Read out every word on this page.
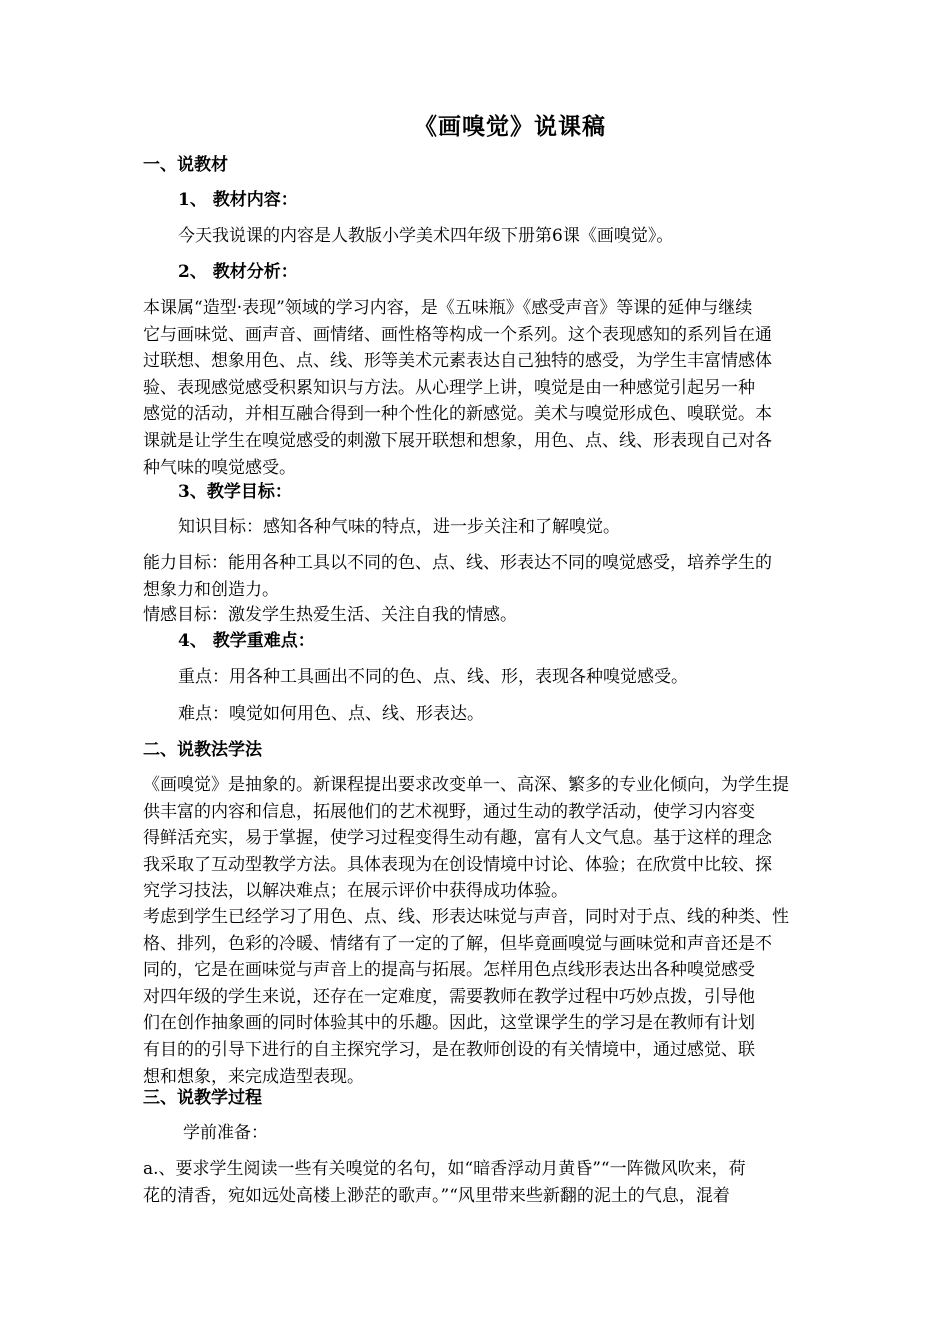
《画嗅觉》说课稿
一、说教材
1、 教材内容：
今天我说课的内容是人教版小学美术四年级下册第6课《画嗅觉》。
2、 教材分析：
本课属“造型·表现”领域的学习内容，是《五味瓶》《感受声音》等课的延伸与继续
它与画味觉、画声音、画情绪、画性格等构成一个系列。这个表现感知的系列旨在通
过联想、想象用色、点、线、形等美术元素表达自己独特的感受，为学生丰富情感体
验、表现感觉感受积累知识与方法。从心理学上讲，嗅觉是由一种感觉引起另一种
感觉的活动，并相互融合得到一种个性化的新感觉。美术与嗅觉形成色、嗅联觉。本
课就是让学生在嗅觉感受的刺激下展开联想和想象，用色、点、线、形表现自己对各
种气味的嗅觉感受。
3、教学目标：
知识目标：感知各种气味的特点，进一步关注和了解嗅觉。
能力目标：能用各种工具以不同的色、点、线、形表达不同的嗅觉感受，培养学生的
想象力和创造力。
情感目标：激发学生热爱生活、关注自我的情感。
4、 教学重难点：
重点：用各种工具画出不同的色、点、线、形，表现各种嗅觉感受。
难点：嗅觉如何用色、点、线、形表达。
二、说教法学法
《画嗅觉》是抽象的。新课程提出要求改变单一、高深、繁多的专业化倾向，为学生提
供丰富的内容和信息，拓展他们的艺术视野，通过生动的教学活动，使学习内容变
得鲜活充实，易于掌握，使学习过程变得生动有趣，富有人文气息。基于这样的理念
我采取了互动型教学方法。具体表现为在创设情境中讨论、体验；在欣赏中比较、探
究学习技法，以解决难点；在展示评价中获得成功体验。
考虑到学生已经学习了用色、点、线、形表达味觉与声音，同时对于点、线的种类、性
格、排列，色彩的冷暖、情绪有了一定的了解，但毕竟画嗅觉与画味觉和声音还是不
同的，它是在画味觉与声音上的提高与拓展。怎样用色点线形表达出各种嗅觉感受
对四年级的学生来说，还存在一定难度，需要教师在教学过程中巧妙点拨，引导他
们在创作抽象画的同时体验其中的乐趣。因此，这堂课学生的学习是在教师有计划
有目的的引导下进行的自主探究学习，是在教师创设的有关情境中，通过感觉、联
想和想象，来完成造型表现。
三、说教学过程
学前准备：
a.、要求学生阅读一些有关嗅觉的名句，如“暗香浮动月黄昏”“一阵微风吹来，荷
花的清香，宛如远处高楼上渺茫的歌声。”“风里带来些新翻的泥土的气息，混着
